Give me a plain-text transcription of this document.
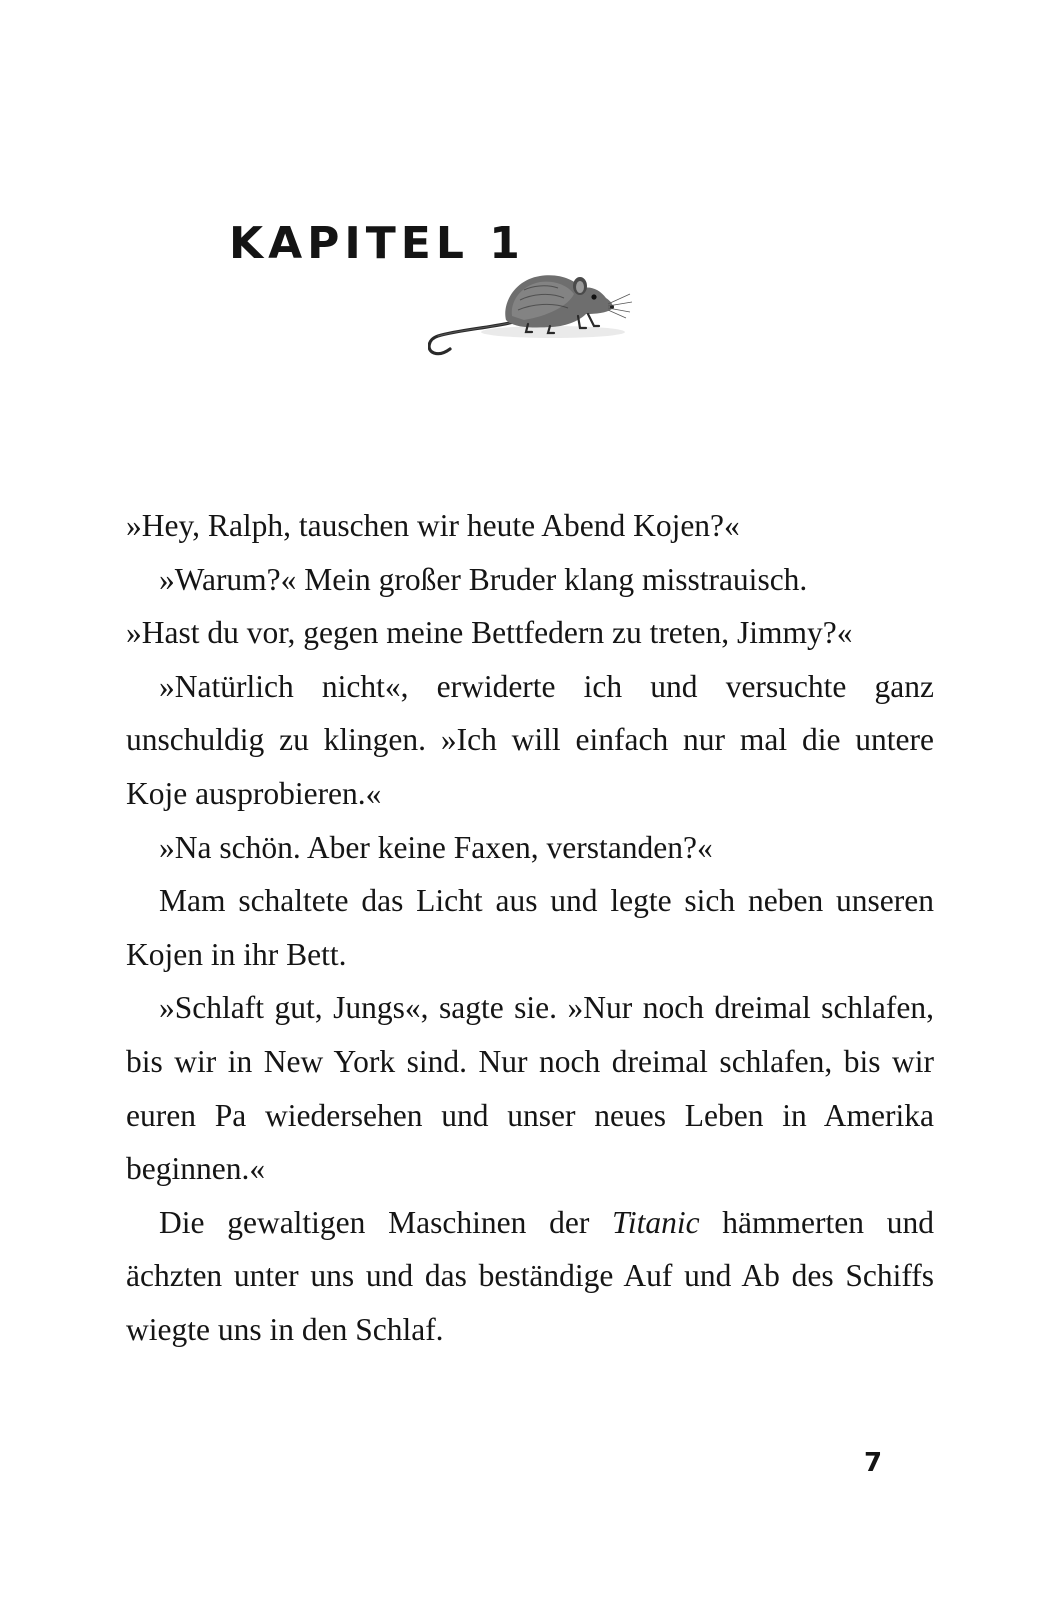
KAPITEL 1

»Hey, Ralph, tauschen wir heute Abend Kojen?«

»Warum?« Mein großer Bruder klang misstrauisch.

»Hast du vor, gegen meine Bettfedern zu treten, Jimmy?«

»Natürlich nicht«, erwiderte ich und versuchte ganz unschuldig zu klingen. »Ich will einfach nur mal die untere Koje ausprobieren.«

»Na schön. Aber keine Faxen, verstanden?«

Mam schaltete das Licht aus und legte sich neben unseren Kojen in ihr Bett.

»Schlaft gut, Jungs«, sagte sie. »Nur noch dreimal schlafen, bis wir in New York sind. Nur noch dreimal schlafen, bis wir euren Pa wiedersehen und unser neues Leben in Amerika beginnen.«

Die gewaltigen Maschinen der Titanic hämmerten und ächzten unter uns und das beständige Auf und Ab des Schiffs wiegte uns in den Schlaf.

7
